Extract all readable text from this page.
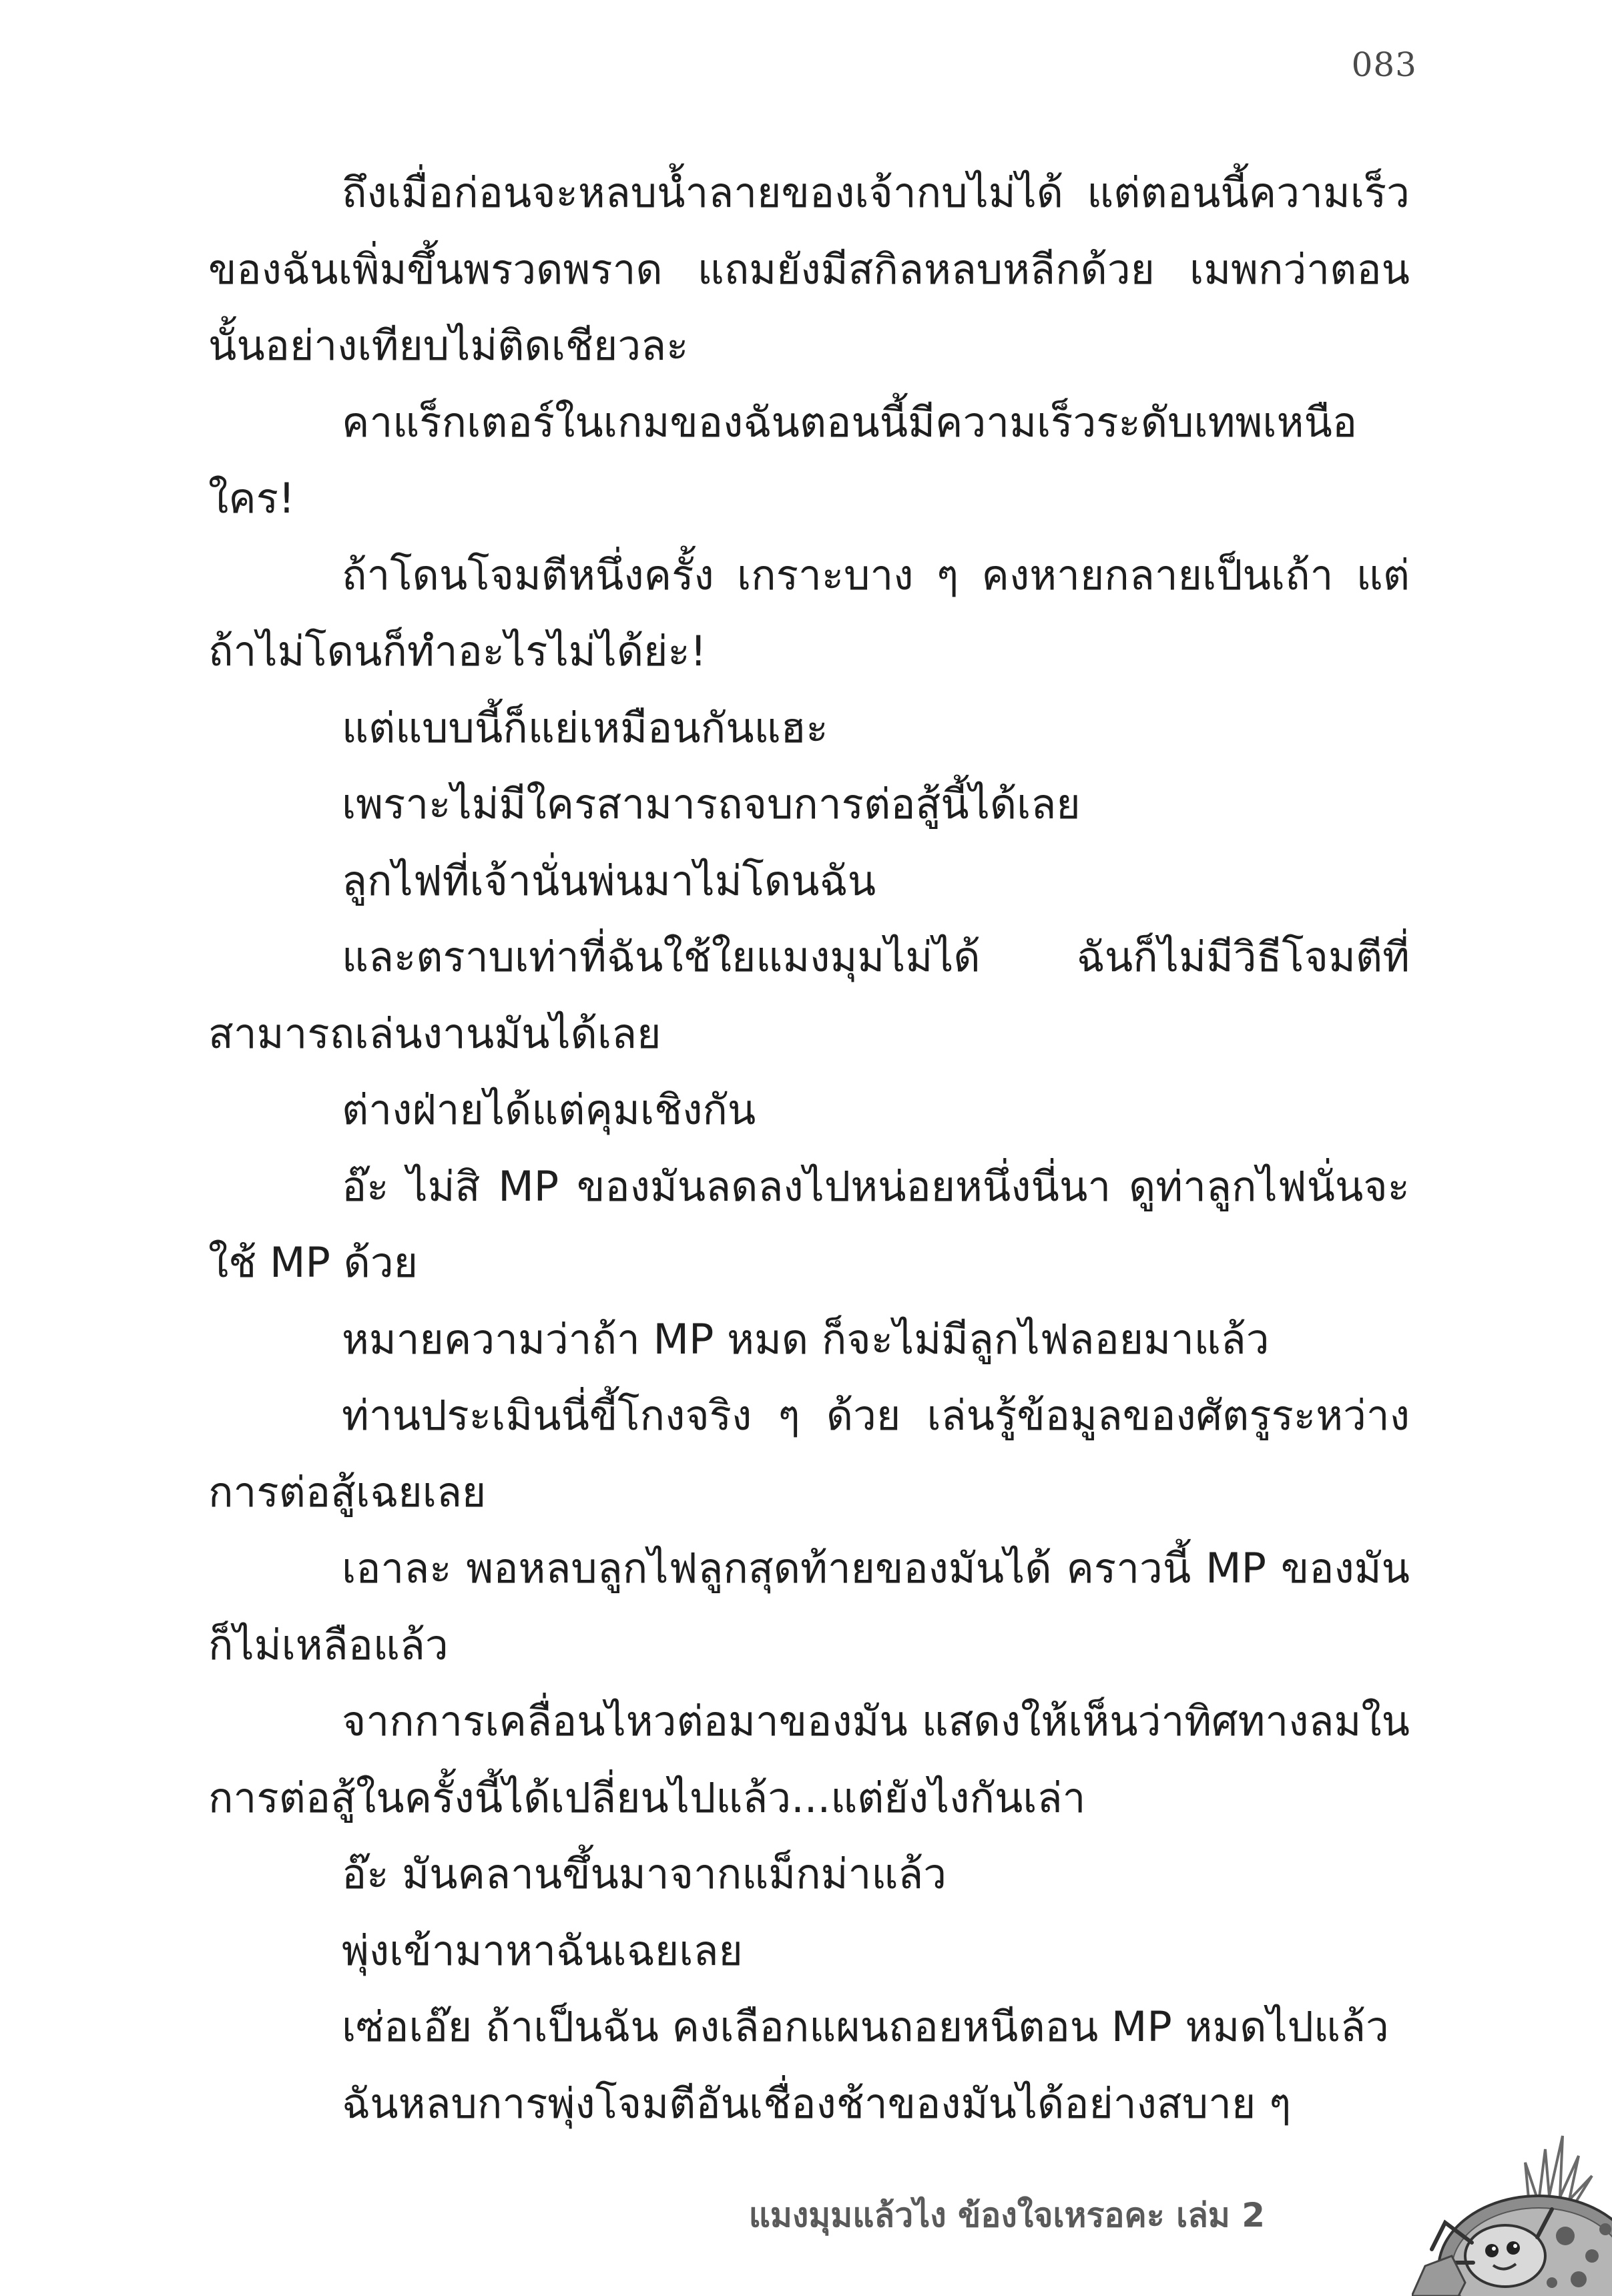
083

ถึงเมื่อก่อนจะหลบน้ำลายของเจ้ากบไม่ได้ แต่ตอนนี้ความเร็วของฉันเพิ่มขึ้นพรวดพราด แถมยังมีสกิลหลบหลีกด้วย เมพกว่าตอนนั้นอย่างเทียบไม่ติดเชียวละ

คาแร็กเตอร์ในเกมของฉันตอนนี้มีความเร็วระดับเทพเหนือใคร!

ถ้าโดนโจมตีหนึ่งครั้ง เกราะบาง ๆ คงหายกลายเป็นเถ้า แต่ถ้าไม่โดนก็ทำอะไรไม่ได้ย่ะ!

แต่แบบนี้ก็แย่เหมือนกันแฮะ

เพราะไม่มีใครสามารถจบการต่อสู้นี้ได้เลย

ลูกไฟที่เจ้านั่นพ่นมาไม่โดนฉัน

และตราบเท่าที่ฉันใช้ใยแมงมุมไม่ได้ ฉันก็ไม่มีวิธีโจมตีที่สามารถเล่นงานมันได้เลย

ต่างฝ่ายได้แต่คุมเชิงกัน

อ๊ะ ไม่สิ MP ของมันลดลงไปหน่อยหนึ่งนี่นา ดูท่าลูกไฟนั่นจะใช้ MP ด้วย

หมายความว่าถ้า MP หมด ก็จะไม่มีลูกไฟลอยมาแล้ว

ท่านประเมินนี่ขี้โกงจริง ๆ ด้วย เล่นรู้ข้อมูลของศัตรูระหว่างการต่อสู้เฉยเลย

เอาละ พอหลบลูกไฟลูกสุดท้ายของมันได้ คราวนี้ MP ของมันก็ไม่เหลือแล้ว

จากการเคลื่อนไหวต่อมาของมัน แสดงให้เห็นว่าทิศทางลมในการต่อสู้ในครั้งนี้ได้เปลี่ยนไปแล้ว...แต่ยังไงกันเล่า

อ๊ะ มันคลานขึ้นมาจากแม็กม่าแล้ว

พุ่งเข้ามาหาฉันเฉยเลย

เซ่อเอ๊ย ถ้าเป็นฉัน คงเลือกแผนถอยหนีตอน MP หมดไปแล้ว

ฉันหลบการพุ่งโจมตีอันเชื่องช้าของมันได้อย่างสบาย ๆ

แมงมุมแล้วไง ข้องใจเหรอคะ เล่ม 2
